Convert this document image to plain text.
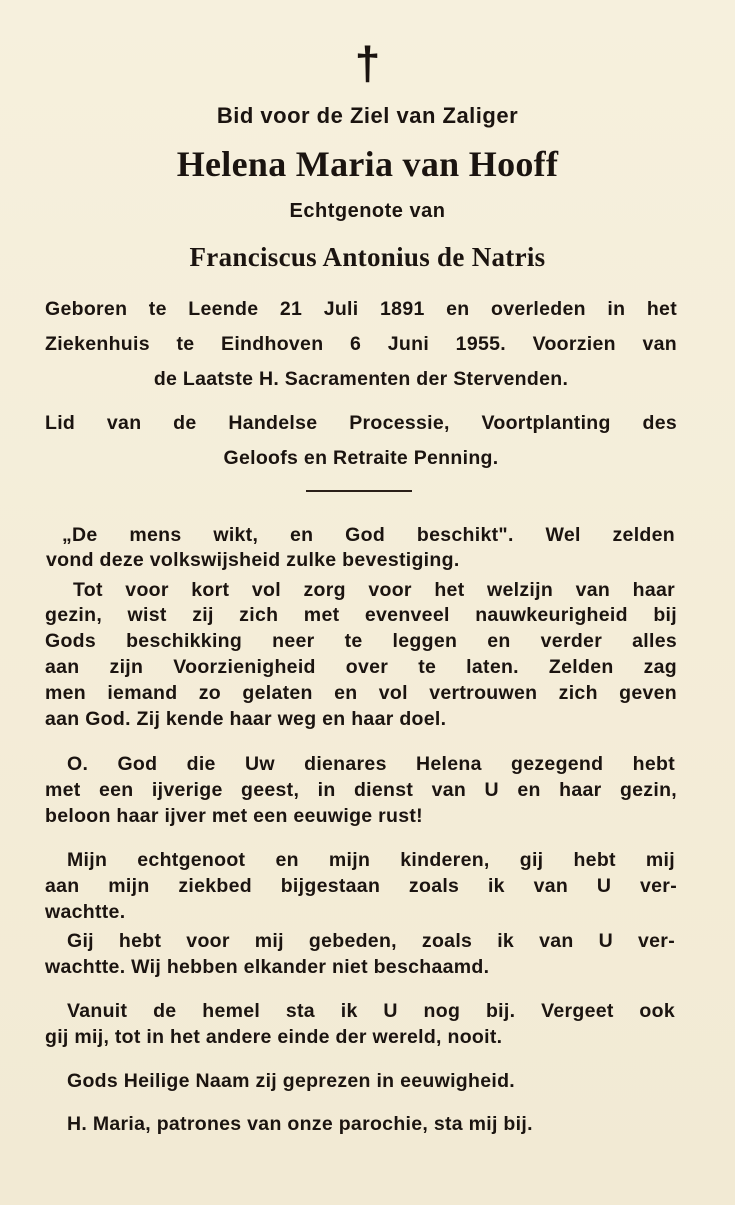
†
Bid voor de Ziel van Zaliger
Helena Maria van Hooff
Echtgenote van
Franciscus Antonius de Natris
Geboren te Leende 21 Juli 1891 en overleden in het
Ziekenhuis te Eindhoven 6 Juni 1955. Voorzien van
de Laatste H. Sacramenten der Stervenden.
Lid van de Handelse Processie, Voortplanting des
Geloofs en Retraite Penning.
„De mens wikt, en God beschikt". Wel zelden
vond deze volkswijsheid zulke bevestiging.
Tot voor kort vol zorg voor het welzijn van haar
gezin, wist zij zich met evenveel nauwkeurigheid bij
Gods beschikking neer te leggen en verder alles
aan zijn Voorzienigheid over te laten. Zelden zag
men iemand zo gelaten en vol vertrouwen zich geven
aan God. Zij kende haar weg en haar doel.
O. God die Uw dienares Helena gezegend hebt
met een ijverige geest, in dienst van U en haar gezin,
beloon haar ijver met een eeuwige rust!
Mijn echtgenoot en mijn kinderen, gij hebt mij
aan mijn ziekbed bijgestaan zoals ik van U ver-
wachtte.
Gij hebt voor mij gebeden, zoals ik van U ver-
wachtte. Wij hebben elkander niet beschaamd.
Vanuit de hemel sta ik U nog bij. Vergeet ook
gij mij, tot in het andere einde der wereld, nooit.
Gods Heilige Naam zij geprezen in eeuwigheid.
H. Maria, patrones van onze parochie, sta mij bij.
